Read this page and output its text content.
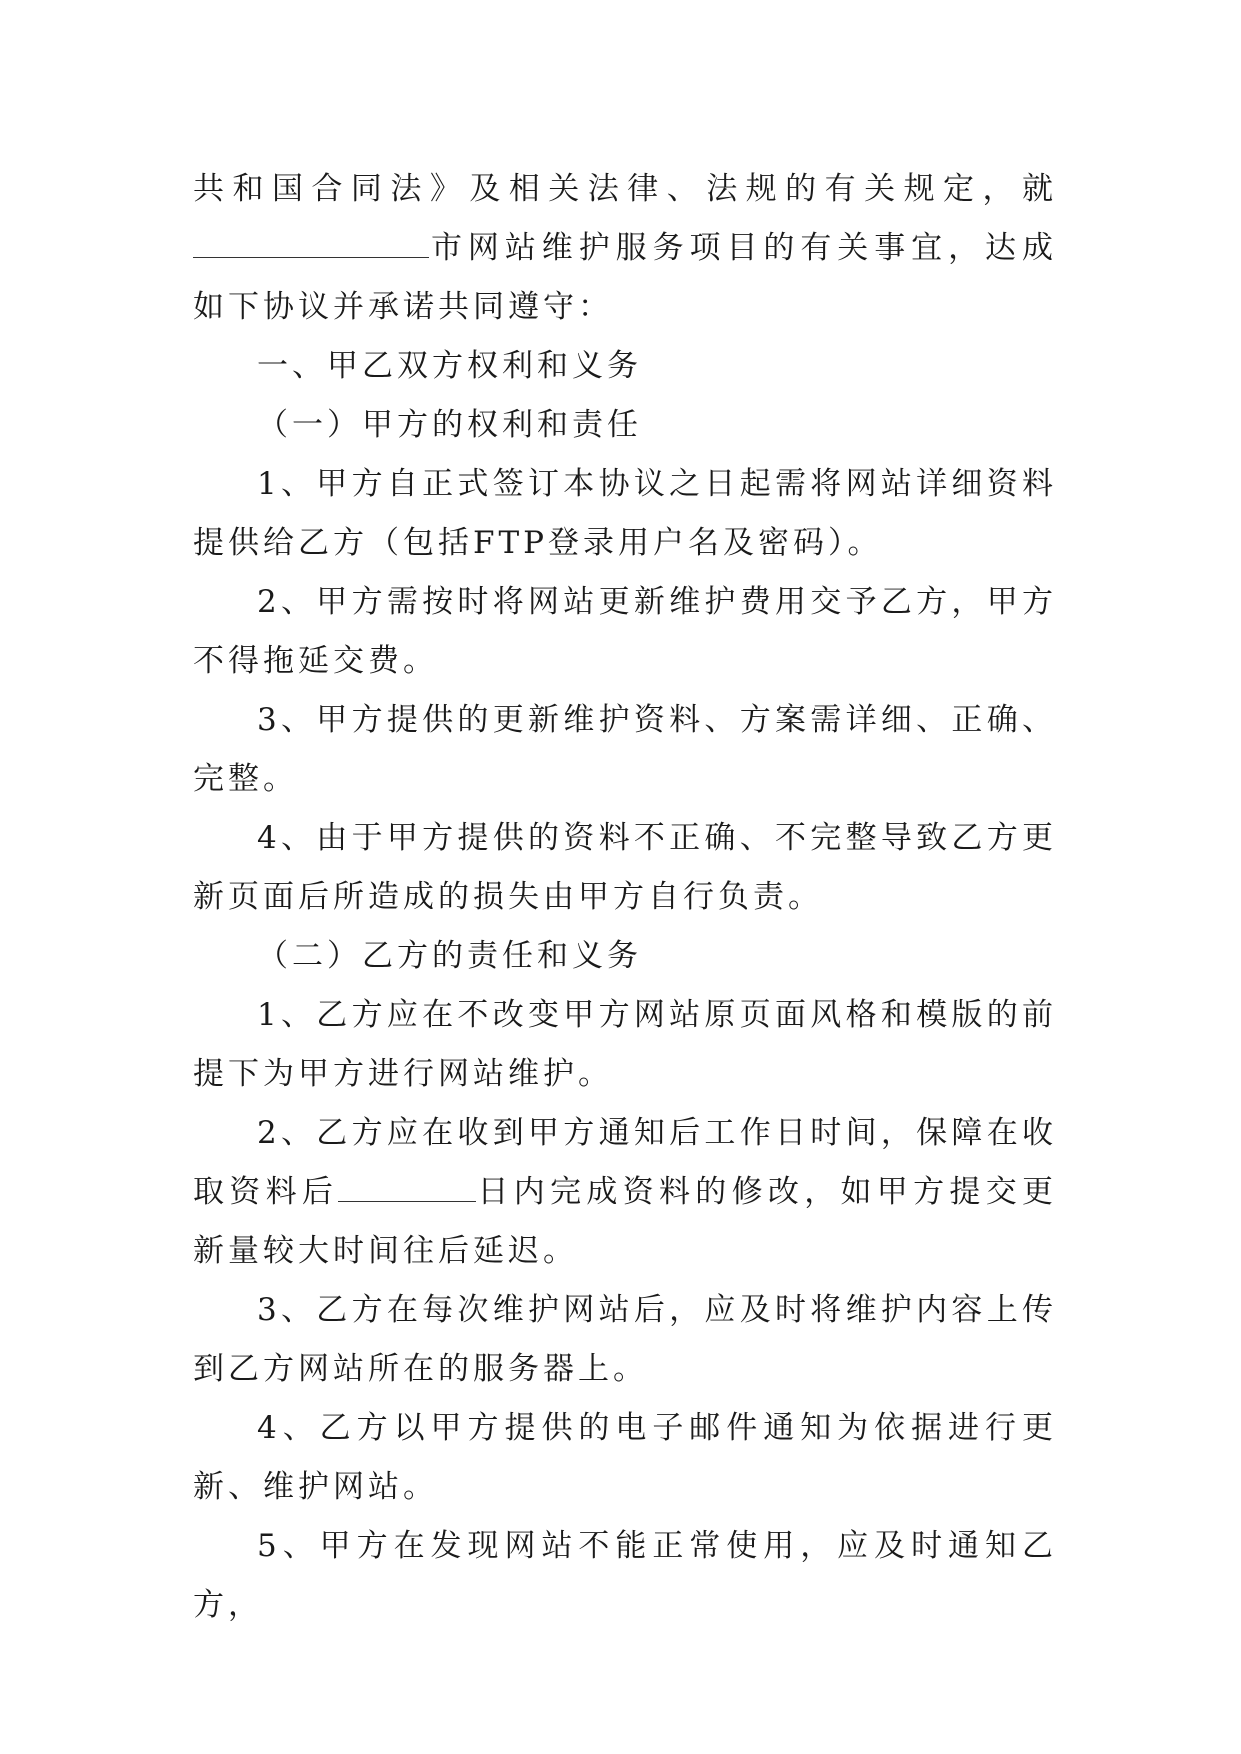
共和国合同法》及相关法律、法规的有关规定，就市网站维护服务项目的有关事宜，达成如下协议并承诺共同遵守：

一、甲乙双方权利和义务

（一）甲方的权利和责任

1、甲方自正式签订本协议之日起需将网站详细资料提供给乙方（包括FTP登录用户名及密码）。

2、甲方需按时将网站更新维护费用交予乙方，甲方不得拖延交费。

3、甲方提供的更新维护资料、方案需详细、正确、完整。

4、由于甲方提供的资料不正确、不完整导致乙方更新页面后所造成的损失由甲方自行负责。

（二）乙方的责任和义务

1、乙方应在不改变甲方网站原页面风格和模版的前提下为甲方进行网站维护。

2、乙方应在收到甲方通知后工作日时间，保障在收取资料后	日内完成资料的修改，如甲方提交更新量较大时间往后延迟。

3、乙方在每次维护网站后，应及时将维护内容上传到乙方网站所在的服务器上。

4、乙方以甲方提供的电子邮件通知为依据进行更新、维护网站。

5、甲方在发现网站不能正常使用，应及时通知乙方，
